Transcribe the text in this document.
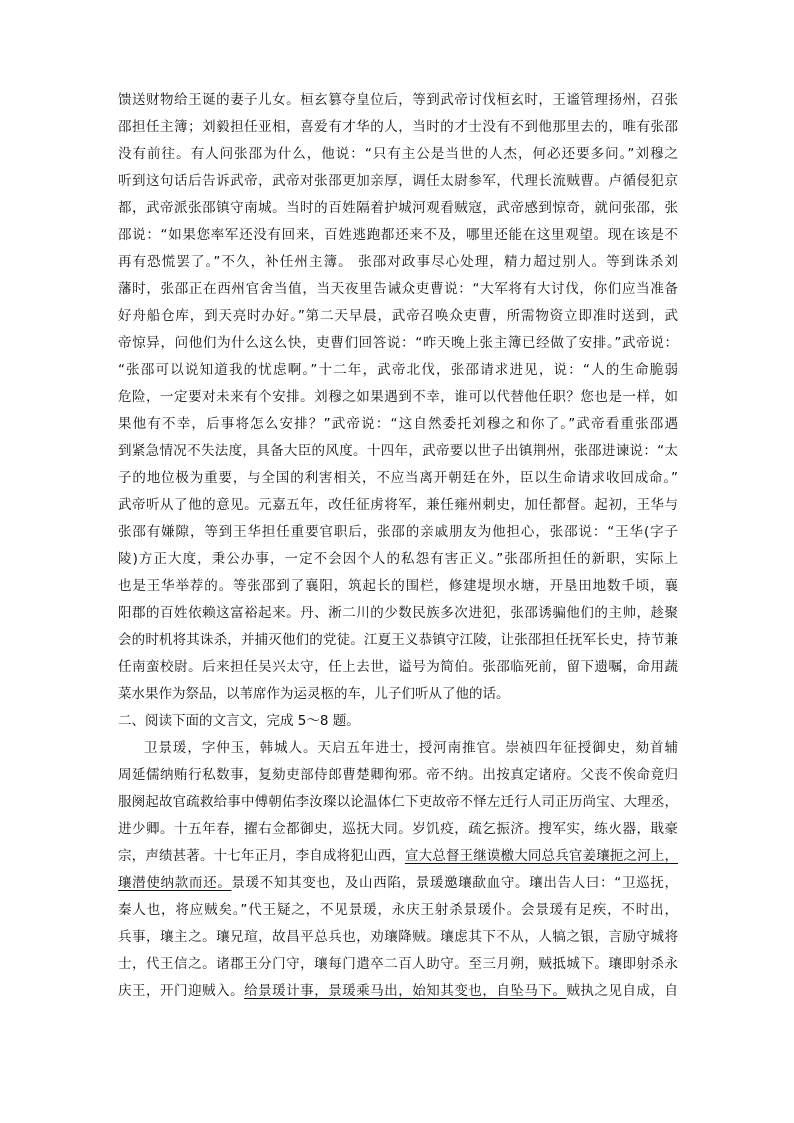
馈送财物给王诞的妻子儿女。桓玄篡夺皇位后，等到武帝讨伐桓玄时，王谧管理扬州，召张
邵担任主簿；刘毅担任亚相，喜爱有才华的人，当时的才士没有不到他那里去的，唯有张邵
没有前往。有人问张邵为什么，他说：“只有主公是当世的人杰，何必还要多问。”刘穆之
听到这句话后告诉武帝，武帝对张邵更加亲厚，调任太尉参军，代理长流贼曹。卢循侵犯京
都，武帝派张邵镇守南城。当时的百姓隔着护城河观看贼寇，武帝感到惊奇，就问张邵，张
邵说：“如果您率军还没有回来，百姓逃跑都还来不及，哪里还能在这里观望。现在该是不
再有恐慌罢了。”不久，补任州主簿。 张邵对政事尽心处理，精力超过别人。等到诛杀刘
藩时，张邵正在西州官舍当值，当天夜里告诫众吏曹说：“大军将有大讨伐，你们应当准备
好舟船仓库，到天亮时办好。”第二天早晨，武帝召唤众吏曹，所需物资立即准时送到，武
帝惊异，问他们为什么这么快，吏曹们回答说：“昨天晚上张主簿已经做了安排。”武帝说：
“张邵可以说知道我的忧虑啊。”十二年，武帝北伐，张邵请求进见，说：“人的生命脆弱
危险，一定要对未来有个安排。刘穆之如果遇到不幸，谁可以代替他任职？您也是一样，如
果他有不幸，后事将怎么安排？”武帝说：“这自然委托刘穆之和你了。”武帝看重张邵遇
到紧急情况不失法度，具备大臣的风度。十四年，武帝要以世子出镇荆州，张邵进谏说：“太
子的地位极为重要，与全国的利害相关，不应当离开朝廷在外，臣以生命请求收回成命。”
武帝听从了他的意见。元嘉五年，改任征虏将军，兼任雍州刺史，加任都督。起初，王华与
张邵有嫌隙，等到王华担任重要官职后，张邵的亲戚朋友为他担心，张邵说：“王华(字子
陵)方正大度，秉公办事，一定不会因个人的私怨有害正义。”张邵所担任的新职，实际上
也是王华举荐的。等张邵到了襄阳，筑起长的围栏，修建堤坝水塘，开垦田地数千顷，襄
阳郡的百姓依赖这富裕起来。丹、淅二川的少数民族多次进犯，张邵诱骗他们的主帅，趁聚
会的时机将其诛杀，并捕灭他们的党徒。江夏王义恭镇守江陵，让张邵担任抚军长史，持节兼
任南蛮校尉。后来担任吴兴太守，任上去世，谥号为简伯。张邵临死前，留下遗嘱，命用蔬
菜水果作为祭品，以苇席作为运灵柩的车，儿子们听从了他的话。
二、阅读下面的文言文，完成 5～8 题。
卫景瑗，字仲玉，韩城人。天启五年进士，授河南推官。崇祯四年征授御史，劾首辅
周延儒纳贿行私数事，复劾吏部侍郎曹楚卿徇邪。帝不纳。出按真定诸府。父丧不俟命竟归
服阕起故官疏救给事中傅朝佑李汝璨以论温体仁下吏故帝不怿左迁行人司正历尚宝、大理丞，
进少卿。十五年春，擢右佥都御史，巡抚大同。岁饥疫，疏乞振济。搜军实，练火器，戢豪
宗，声绩甚著。十七年正月，李自成将犯山西，宣大总督王继谟檄大同总兵官姜瓖扼之河上，
瓖潜使纳款而还。景瑗不知其变也，及山西陷，景瑗邀瓖歃血守。瓖出告人曰：“卫巡抚，
秦人也，将应贼矣。”代王疑之，不见景瑗，永庆王射杀景瑗仆。会景瑗有足疾，不时出，
兵事，瓖主之。瓖兄瑄，故昌平总兵也，劝瓖降贼。瓖虑其下不从，人犒之银，言励守城将
士，代王信之。诸郡王分门守，瓖每门遣卒二百人助守。至三月朔，贼抵城下。瓖即射杀永
庆王，开门迎贼入。给景瑗计事，景瑗乘马出，始知其变也，自坠马下。贼执之见自成，自
